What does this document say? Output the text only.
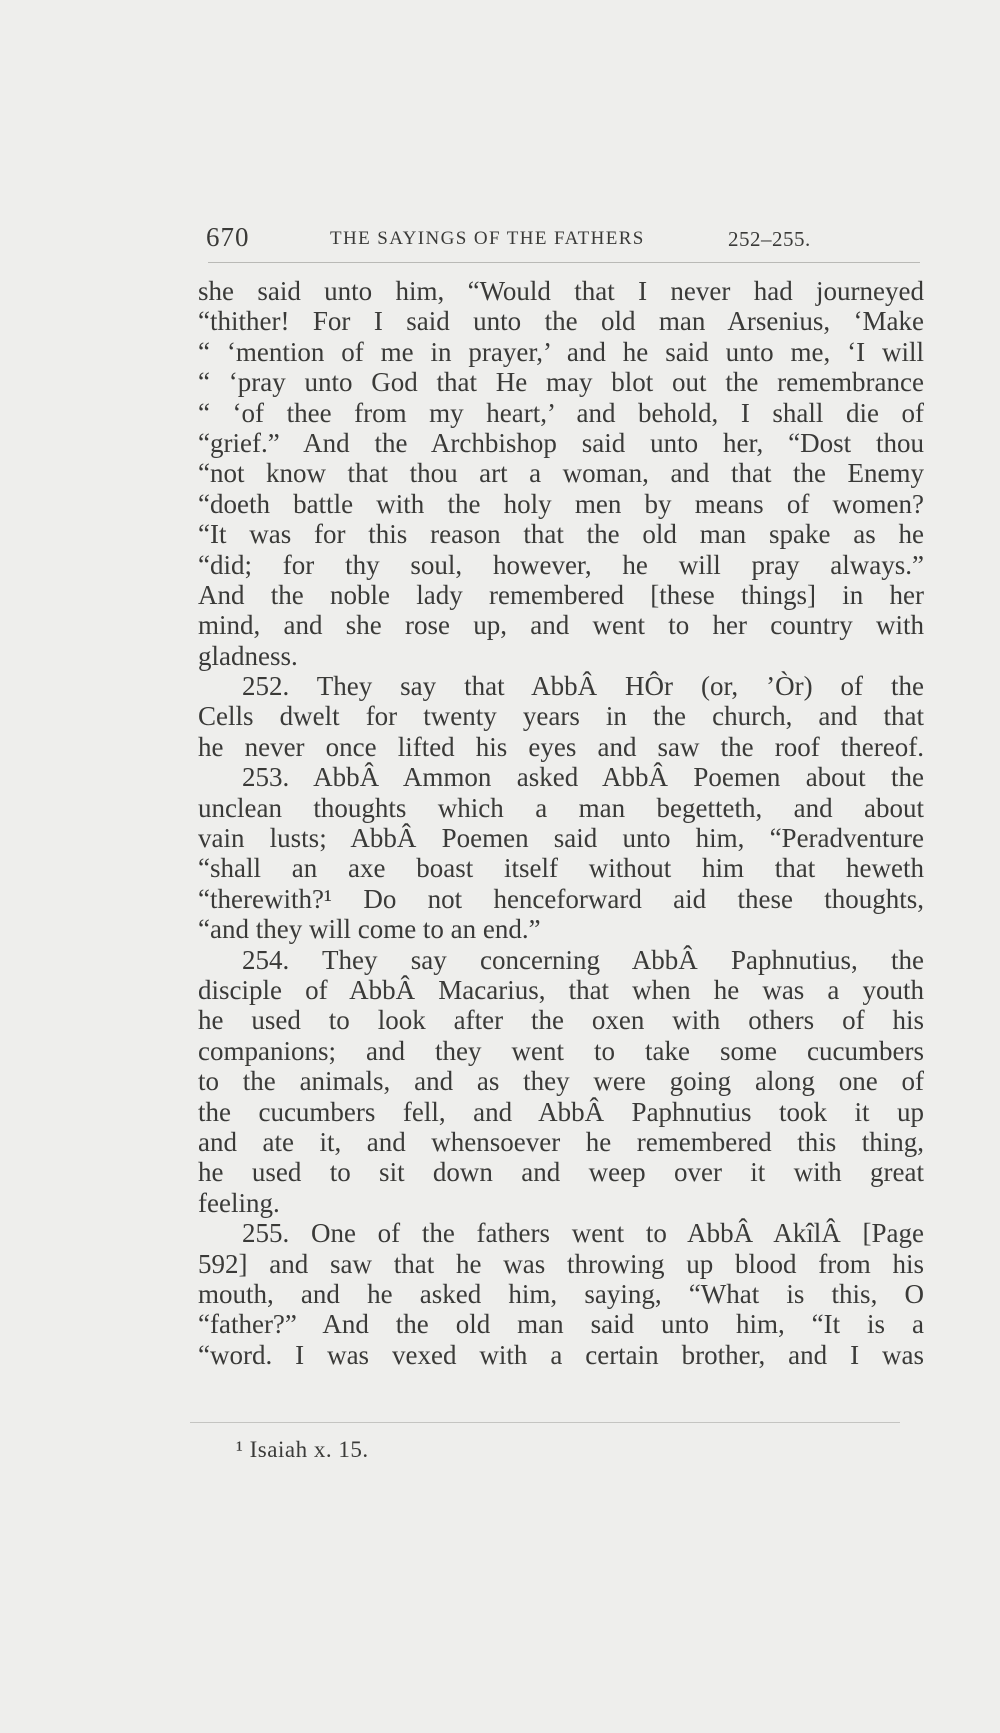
670	THE SAYINGS OF THE FATHERS	252–255.
she said unto him, “Would that I never had journeyed
“thither! For I said unto the old man Arsenius, ‘Make
“ ‘mention of me in prayer,’ and he said unto me, ‘I will
“ ‘pray unto God that He may blot out the remembrance
“ ‘of thee from my heart,’ and behold, I shall die of
“grief.” And the Archbishop said unto her, “Dost thou
“not know that thou art a woman, and that the Enemy
“doeth battle with the holy men by means of women?
“It was for this reason that the old man spake as he
“did; for thy soul, however, he will pray always.”
And the noble lady remembered [these things] in her
mind, and she rose up, and went to her country with
gladness.
252. They say that AbbÂ HÔr (or, ’Òr) of the
Cells dwelt for twenty years in the church, and that
he never once lifted his eyes and saw the roof thereof.
253. AbbÂ Ammon asked AbbÂ Poemen about the
unclean thoughts which a man begetteth, and about
vain lusts; AbbÂ Poemen said unto him, “Peradventure
“shall an axe boast itself without him that heweth
“therewith?¹ Do not henceforward aid these thoughts,
“and they will come to an end.”
254. They say concerning AbbÂ Paphnutius, the
disciple of AbbÂ Macarius, that when he was a youth
he used to look after the oxen with others of his
companions; and they went to take some cucumbers
to the animals, and as they were going along one of
the cucumbers fell, and AbbÂ Paphnutius took it up
and ate it, and whensoever he remembered this thing,
he used to sit down and weep over it with great
feeling.
255. One of the fathers went to AbbÂ AkîlÂ [Page
592] and saw that he was throwing up blood from his
mouth, and he asked him, saying, “What is this, O
“father?” And the old man said unto him, “It is a
“word. I was vexed with a certain brother, and I was
¹ Isaiah x. 15.
